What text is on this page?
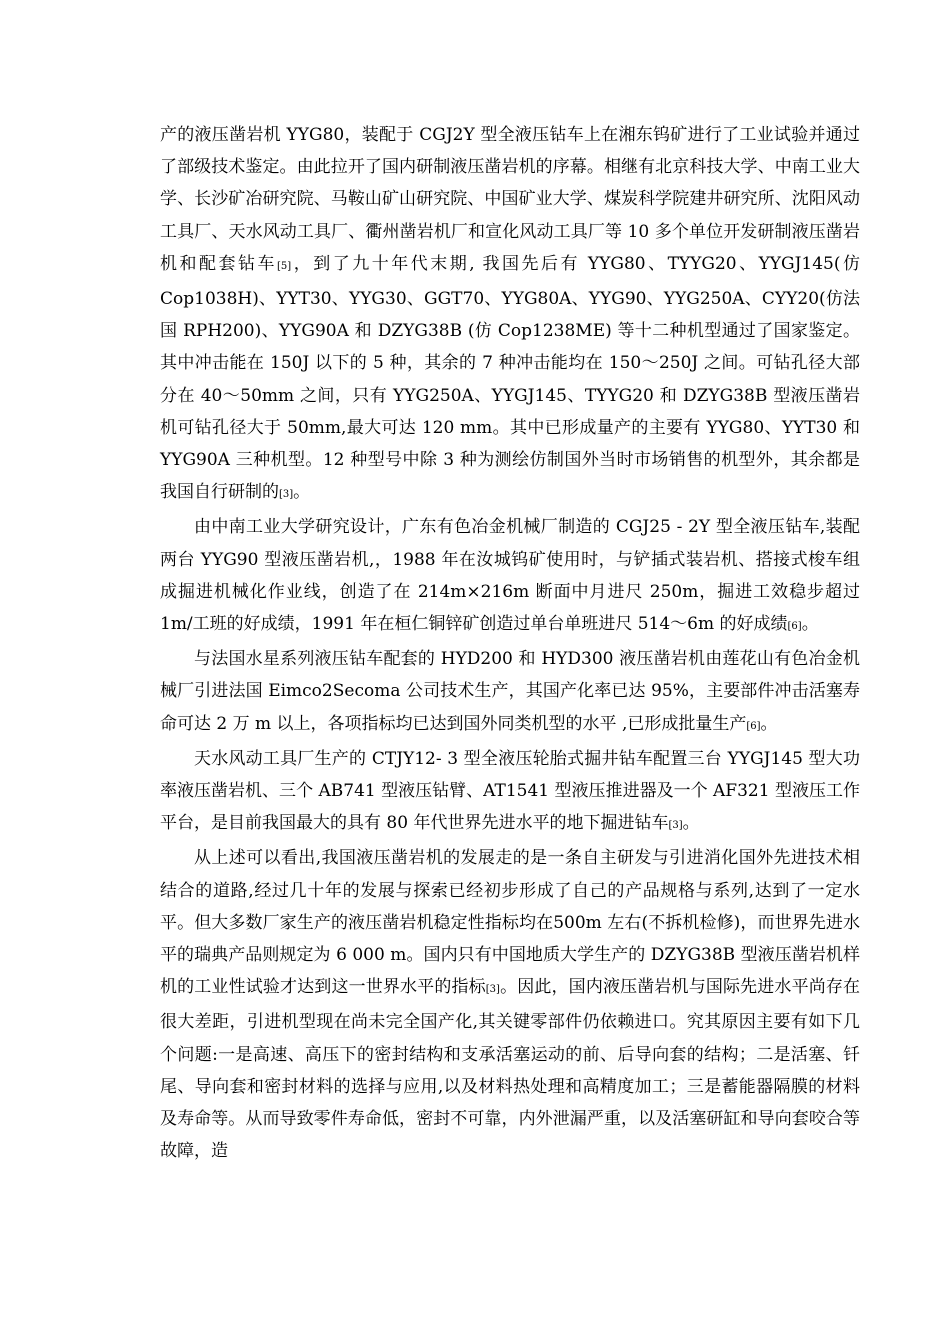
产的液压凿岩机 YYG80，装配于 CGJ2Y 型全液压钻车上在湘东钨矿进行了工业试验并通过了部级技术鉴定。由此拉开了国内研制液压凿岩机的序幕。相继有北京科技大学、中南工业大学、长沙矿冶研究院、马鞍山矿山研究院、中国矿业大学、煤炭科学院建井研究所、沈阳风动工具厂、天水风动工具厂、衢州凿岩机厂和宣化风动工具厂等 10 多个单位开发研制液压凿岩机和配套钻车[5]，到了九十年代末期, 我国先后有 YYG80、TYYG20、YYGJ145(仿 Cop1038H)、YYT30、YYG30、GGT70、YYG80A、YYG90、YYG250A、CYY20(仿法国 RPH200)、YYG90A 和 DZYG38B (仿 Cop1238ME) 等十二种机型通过了国家鉴定。其中冲击能在 150J 以下的 5 种，其余的 7 种冲击能均在 150～250J 之间。可钻孔径大部分在 40～50mm 之间，只有 YYG250A、YYGJ145、TYYG20 和 DZYG38B 型液压凿岩机可钻孔径大于 50mm,最大可达 120 mm。其中已形成量产的主要有 YYG80、YYT30 和 YYG90A 三种机型。12 种型号中除 3 种为测绘仿制国外当时市场销售的机型外，其余都是我国自行研制的[3]。

由中南工业大学研究设计，广东有色冶金机械厂制造的 CGJ25 - 2Y 型全液压钻车,装配两台 YYG90 型液压凿岩机,，1988 年在汝城钨矿使用时，与铲插式装岩机、搭接式梭车组成掘进机械化作业线，创造了在 214m×216m 断面中月进尺 250m，掘进工效稳步超过 1m/工班的好成绩，1991 年在桓仁铜锌矿创造过单台单班进尺 514～6m 的好成绩[6]。

与法国水星系列液压钻车配套的 HYD200 和 HYD300 液压凿岩机由莲花山有色冶金机械厂引进法国 Eimco2Secoma 公司技术生产，其国产化率已达 95%，主要部件冲击活塞寿命可达 2 万 m 以上，各项指标均已达到国外同类机型的水平 ,已形成批量生产[6]。

天水风动工具厂生产的 CTJY12- 3 型全液压轮胎式掘井钻车配置三台 YYGJ145 型大功率液压凿岩机、三个 AB741 型液压钻臂、AT1541 型液压推进器及一个 AF321 型液压工作平台，是目前我国最大的具有 80 年代世界先进水平的地下掘进钻车[3]。

从上述可以看出,我国液压凿岩机的发展走的是一条自主研发与引进消化国外先进技术相结合的道路,经过几十年的发展与探索已经初步形成了自己的产品规格与系列,达到了一定水平。但大多数厂家生产的液压凿岩机稳定性指标均在500m 左右(不拆机检修)，而世界先进水平的瑞典产品则规定为 6 000 m。国内只有中国地质大学生产的 DZYG38B 型液压凿岩机样机的工业性试验才达到这一世界水平的指标[3]。因此，国内液压凿岩机与国际先进水平尚存在很大差距，引进机型现在尚未完全国产化,其关键零部件仍依赖进口。究其原因主要有如下几个问题:一是高速、高压下的密封结构和支承活塞运动的前、后导向套的结构；二是活塞、钎尾、导向套和密封材料的选择与应用,以及材料热处理和高精度加工；三是蓄能器隔膜的材料及寿命等。从而导致零件寿命低，密封不可靠，内外泄漏严重，以及活塞研缸和导向套咬合等故障，造
